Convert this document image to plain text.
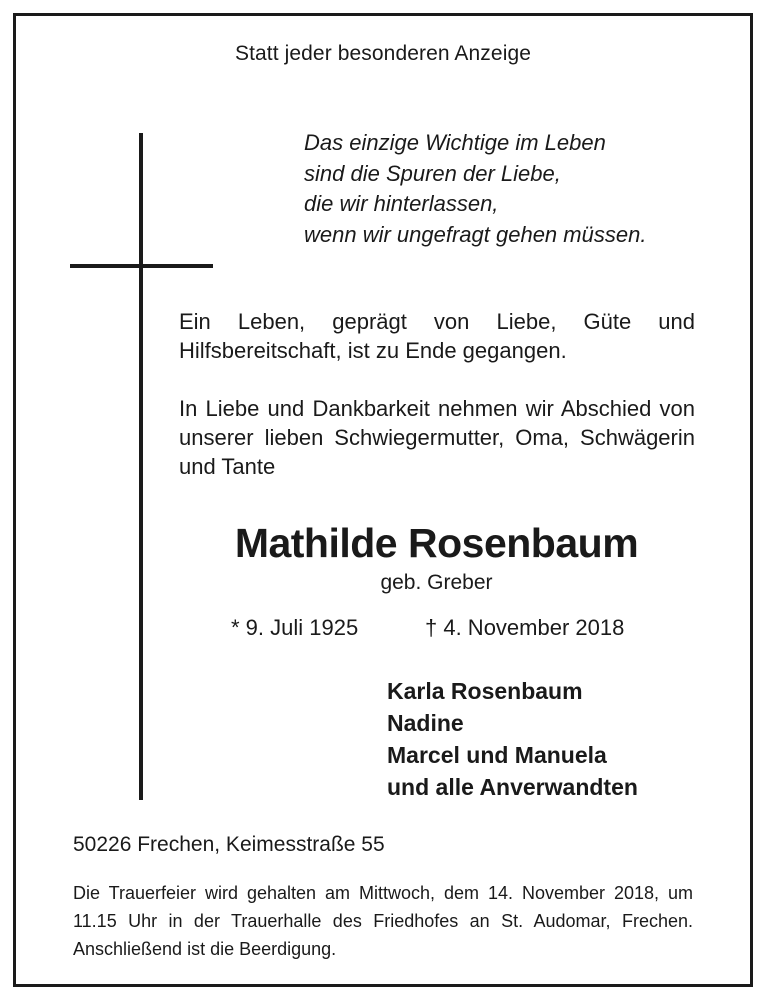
Statt jeder besonderen Anzeige
Das einzige Wichtige im Leben
sind die Spuren der Liebe,
die wir hinterlassen,
wenn wir ungefragt gehen müssen.
Ein Leben, geprägt von Liebe, Güte und Hilfsbereitschaft, ist zu Ende gegangen.
In Liebe und Dankbarkeit nehmen wir Abschied von unserer lieben Schwiegermutter, Oma, Schwägerin und Tante
Mathilde Rosenbaum
geb. Greber
* 9. Juli 1925	† 4. November 2018
Karla Rosenbaum
Nadine
Marcel und Manuela
und alle Anverwandten
50226 Frechen, Keimesstraße 55
Die Trauerfeier wird gehalten am Mittwoch, dem 14. November 2018, um 11.15 Uhr in der Trauerhalle des Friedhofes an St. Audomar, Frechen. Anschließend ist die Beerdigung.
